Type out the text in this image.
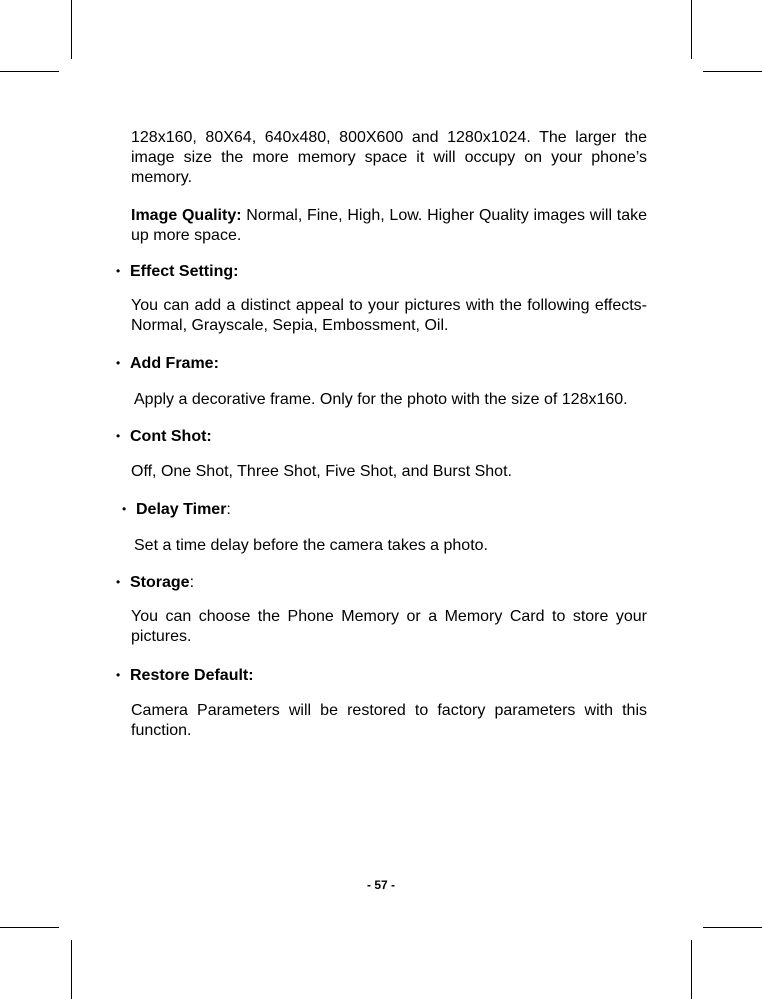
128x160, 80X64, 640x480, 800X600 and 1280x1024. The larger the image size the more memory space it will occupy on your phone’s memory.

Image Quality: Normal, Fine, High, Low. Higher Quality images will take up more space.

• Effect Setting:

You can add a distinct appeal to your pictures with the following effects- Normal, Grayscale, Sepia, Embossment, Oil.

• Add Frame:

Apply a decorative frame. Only for the photo with the size of 128x160.

• Cont Shot:

Off, One Shot, Three Shot, Five Shot, and Burst Shot.

• Delay Timer:

Set a time delay before the camera takes a photo.

• Storage:

You can choose the Phone Memory or a Memory Card to store your pictures.

• Restore Default:

Camera Parameters will be restored to factory parameters with this function.

- 57 -
